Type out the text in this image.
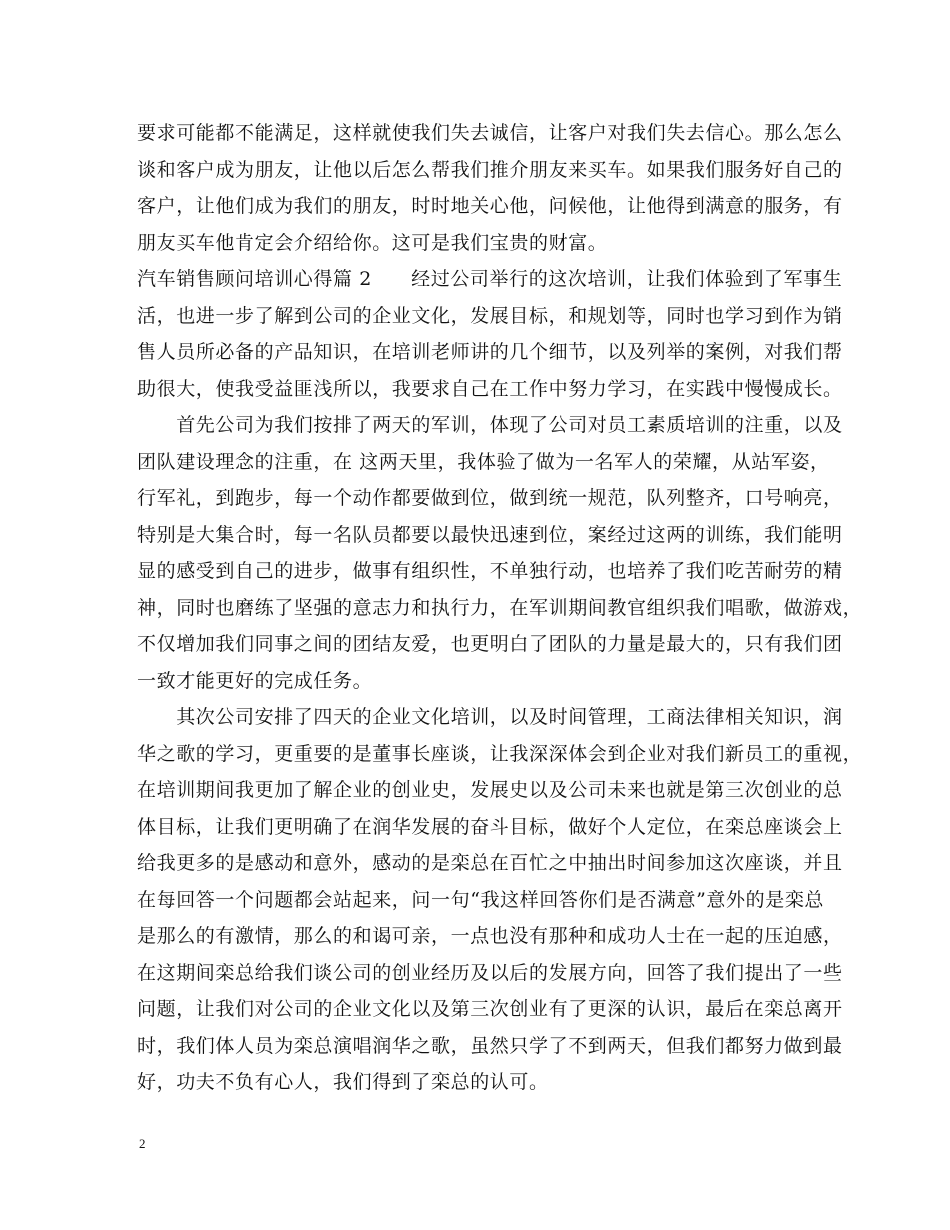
要求可能都不能满足，这样就使我们失去诚信，让客户对我们失去信心。那么怎么
谈和客户成为朋友，让他以后怎么帮我们推介朋友来买车。如果我们服务好自己的
客户，让他们成为我们的朋友，时时地关心他，问候他，让他得到满意的服务，有
朋友买车他肯定会介绍给你。这可是我们宝贵的财富。
汽车销售顾问培训心得篇 2　　经过公司举行的这次培训，让我们体验到了军事生
活，也进一步了解到公司的企业文化，发展目标，和规划等，同时也学习到作为销
售人员所必备的产品知识，在培训老师讲的几个细节，以及列举的案例，对我们帮
助很大，使我受益匪浅所以，我要求自己在工作中努力学习，在实践中慢慢成长。
　　首先公司为我们按排了两天的军训，体现了公司对员工素质培训的注重，以及
团队建设理念的注重，在 这两天里，我体验了做为一名军人的荣耀，从站军姿，
行军礼，到跑步，每一个动作都要做到位，做到统一规范，队列整齐，口号响亮，
特别是大集合时，每一名队员都要以最快迅速到位，案经过这两的训练，我们能明
显的感受到自己的进步，做事有组织性，不单独行动，也培养了我们吃苦耐劳的精
神，同时也磨练了坚强的意志力和执行力，在军训期间教官组织我们唱歌，做游戏，
不仅增加我们同事之间的团结友爱，也更明白了团队的力量是最大的，只有我们团
一致才能更好的完成任务。
　　其次公司安排了四天的企业文化培训，以及时间管理，工商法律相关知识，润
华之歌的学习，更重要的是董事长座谈，让我深深体会到企业对我们新员工的重视，
在培训期间我更加了解企业的创业史，发展史以及公司未来也就是第三次创业的总
体目标，让我们更明确了在润华发展的奋斗目标，做好个人定位，在栾总座谈会上
给我更多的是感动和意外，感动的是栾总在百忙之中抽出时间参加这次座谈，并且
在每回答一个问题都会站起来，问一句“我这样回答你们是否满意”意外的是栾总
是那么的有激情，那么的和谒可亲，一点也没有那种和成功人士在一起的压迫感，
在这期间栾总给我们谈公司的创业经历及以后的发展方向，回答了我们提出了一些
问题，让我们对公司的企业文化以及第三次创业有了更深的认识，最后在栾总离开
时，我们体人员为栾总演唱润华之歌，虽然只学了不到两天，但我们都努力做到最
好，功夫不负有心人，我们得到了栾总的认可。
2
